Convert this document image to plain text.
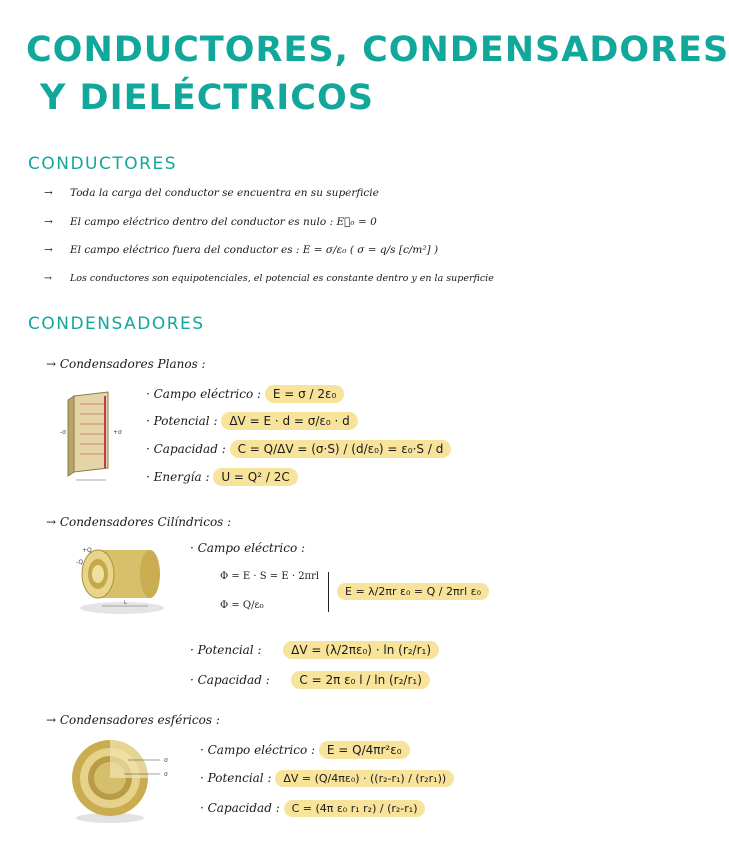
CONDUCTORES, CONDENSADORES
Y DIELÉCTRICOS
CONDUCTORES
→ Toda la carga del conductor se encuentra en su superficie
→ El campo eléctrico dentro del conductor es nulo : E⃗₀ = 0
→ El campo eléctrico fuera del conductor es : E = σ/ε₀ ( σ = q/s [c/m²] )
→ Los conductores son equipotenciales, el potencial es constante dentro y en la superficie
CONDENSADORES
→ Condensadores Planos :
-σ	+σ
· Campo eléctrico : E = σ / 2ε₀
· Potencial : ΔV = E · d = σ/ε₀ · d
· Capacidad : C = Q/ΔV = (σ·S) / (d/ε₀) = ε₀·S / d
· Energía : U = Q² / 2C
→ Condensadores Cilíndricos :
+Q
-Q
L
· Campo eléctrico :
Φ = E · S = E · 2πrl
Φ = Q/ε₀
E = λ/2πr ε₀ = Q / 2πrl ε₀
· Potencial : ΔV = (λ/2πε₀) · ln (r₂/r₁)
· Capacidad : C = 2π ε₀ l / ln (r₂/r₁)
→ Condensadores esféricos :
σ
σ
· Campo eléctrico : E = Q/4πr²ε₀
· Potencial : ΔV = (Q/4πε₀) · ((r₂-r₁) / (r₂r₁))
· Capacidad : C = (4π ε₀ r₁ r₂) / (r₂-r₁)
